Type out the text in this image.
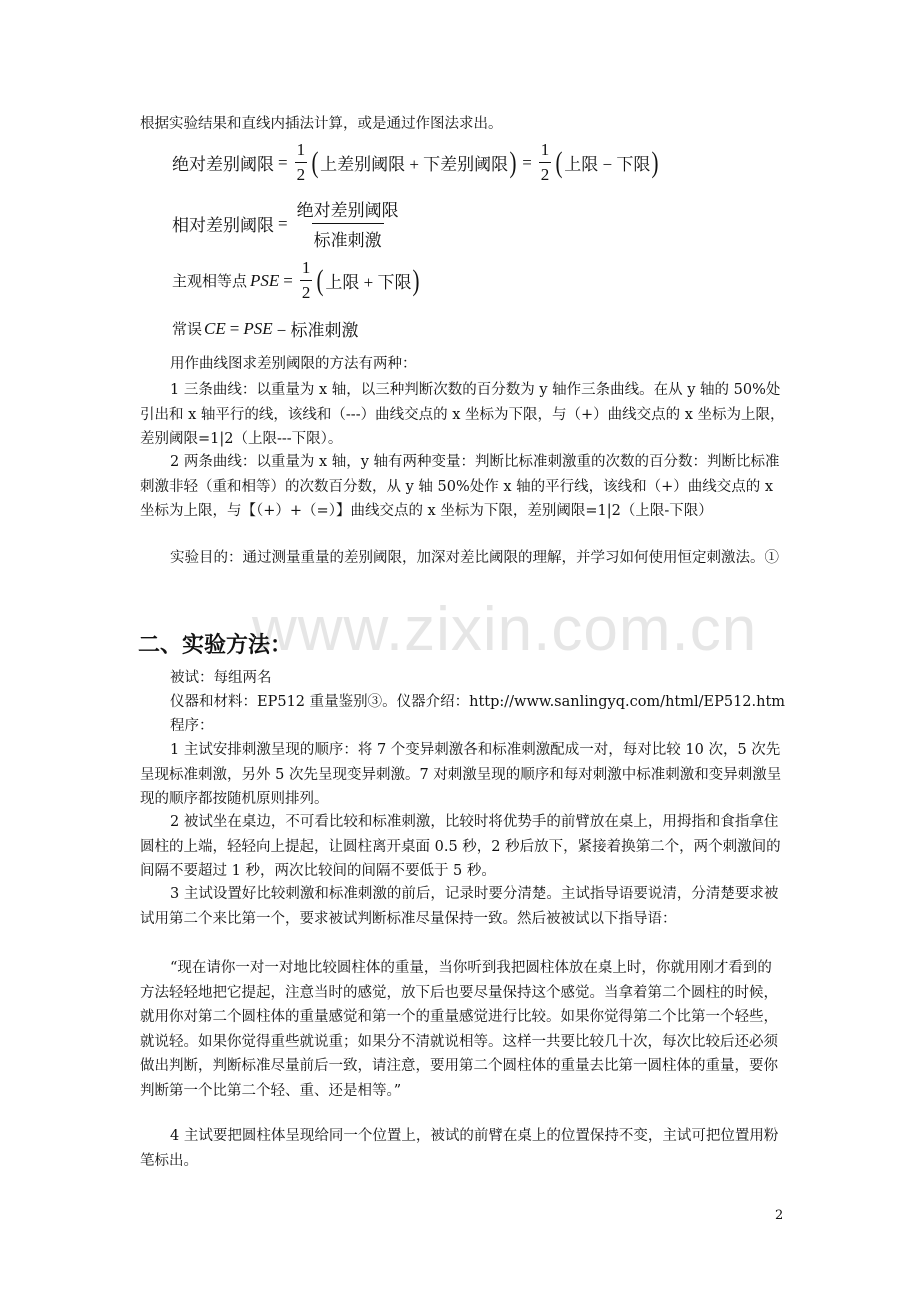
www.zixin.com.cn

根据实验结果和直线内插法计算，或是通过作图法求出。

绝对差别阈限 = $\frac{1}{2}$ ( 上差别阈限 + 下差别阈限 ) = $\frac{1}{2}$ ( 上限 − 下限 )
相对差别阈限 = $\frac{\text{绝对差别阈限}}{\text{标准刺激}}$
主观相等点 PSE = $\frac{1}{2}$ ( 上限 + 下限 )
常误 CE = PSE − 标准刺激

用作曲线图求差别阈限的方法有两种：

1 三条曲线：以重量为 x 轴，以三种判断次数的百分数为 y 轴作三条曲线。在从 y 轴的 50%处引出和 x 轴平行的线，该线和（---）曲线交点的 x 坐标为下限，与（+）曲线交点的 x 坐标为上限，差别阈限=1|2（上限---下限）。

2 两条曲线：以重量为 x 轴，y 轴有两种变量：判断比标准刺激重的次数的百分数：判断比标准刺激非轻（重和相等）的次数百分数，从 y 轴 50%处作 x 轴的平行线，该线和（+）曲线交点的 x 坐标为上限，与【（+）+（=）】曲线交点的 x 坐标为下限，差别阈限=1|2（上限-下限）

实验目的：通过测量重量的差别阈限，加深对差比阈限的理解，并学习如何使用恒定刺激法。①

二、实验方法：

被试：每组两名

仪器和材料：EP512 重量鉴别③。仪器介绍：http://www.sanlingyq.com/html/EP512.htm

程序：

1 主试安排刺激呈现的顺序：将 7 个变异刺激各和标准刺激配成一对，每对比较 10 次，5 次先呈现标准刺激，另外 5 次先呈现变异刺激。7 对刺激呈现的顺序和每对刺激中标准刺激和变异刺激呈现的顺序都按随机原则排列。

2 被试坐在桌边，不可看比较和标准刺激，比较时将优势手的前臂放在桌上，用拇指和食指拿住圆柱的上端，轻轻向上提起，让圆柱离开桌面 0.5 秒，2 秒后放下，紧接着换第二个，两个刺激间的间隔不要超过 1 秒，两次比较间的间隔不要低于 5 秒。

3 主试设置好比较刺激和标准刺激的前后，记录时要分清楚。主试指导语要说清，分清楚要求被试用第二个来比第一个，要求被试判断标准尽量保持一致。然后被被试以下指导语：

“现在请你一对一对地比较圆柱体的重量，当你听到我把圆柱体放在桌上时，你就用刚才看到的方法轻轻地把它提起，注意当时的感觉，放下后也要尽量保持这个感觉。当拿着第二个圆柱的时候，就用你对第二个圆柱体的重量感觉和第一个的重量感觉进行比较。如果你觉得第二个比第一个轻些，就说轻。如果你觉得重些就说重；如果分不清就说相等。这样一共要比较几十次，每次比较后还必须做出判断，判断标准尽量前后一致，请注意，要用第二个圆柱体的重量去比第一圆柱体的重量，要你判断第一个比第二个轻、重、还是相等。”

4 主试要把圆柱体呈现给同一个位置上，被试的前臂在桌上的位置保持不变，主试可把位置用粉笔标出。

2
